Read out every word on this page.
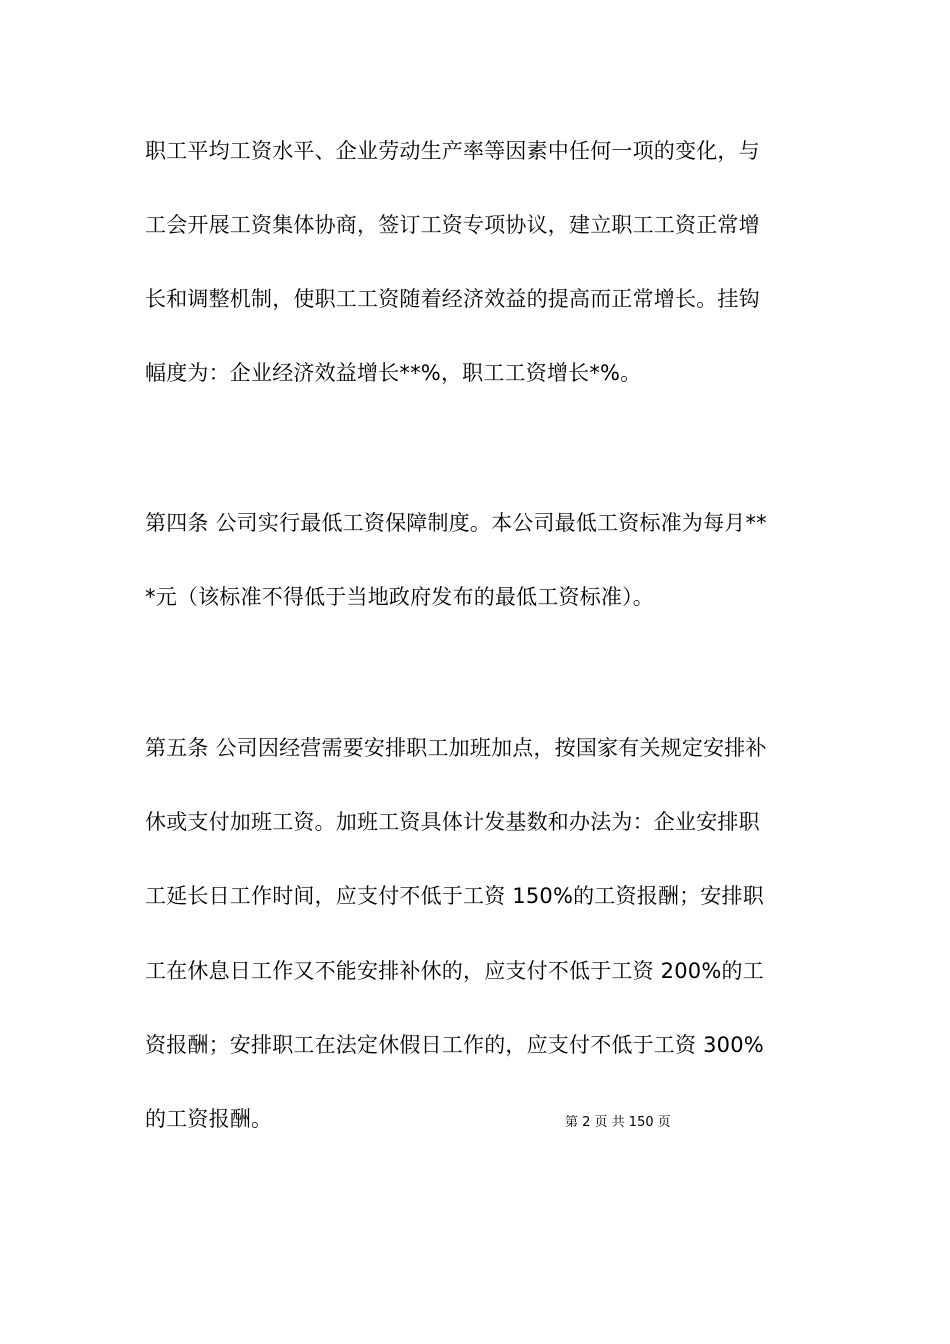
职工平均工资水平、企业劳动生产率等因素中任何一项的变化，与
工会开展工资集体协商，签订工资专项协议，建立职工工资正常增
长和调整机制，使职工工资随着经济效益的提高而正常增长。挂钩
幅度为：企业经济效益增长**%，职工工资增长*%。
第四条 公司实行最低工资保障制度。本公司最低工资标准为每月**
*元（该标准不得低于当地政府发布的最低工资标准）。
第五条 公司因经营需要安排职工加班加点，按国家有关规定安排补
休或支付加班工资。加班工资具体计发基数和办法为：企业安排职
工延长日工作时间，应支付不低于工资 150%的工资报酬；安排职
工在休息日工作又不能安排补休的，应支付不低于工资 200%的工
资报酬；安排职工在法定休假日工作的，应支付不低于工资 300%
的工资报酬。	第 2 页 共 150 页
